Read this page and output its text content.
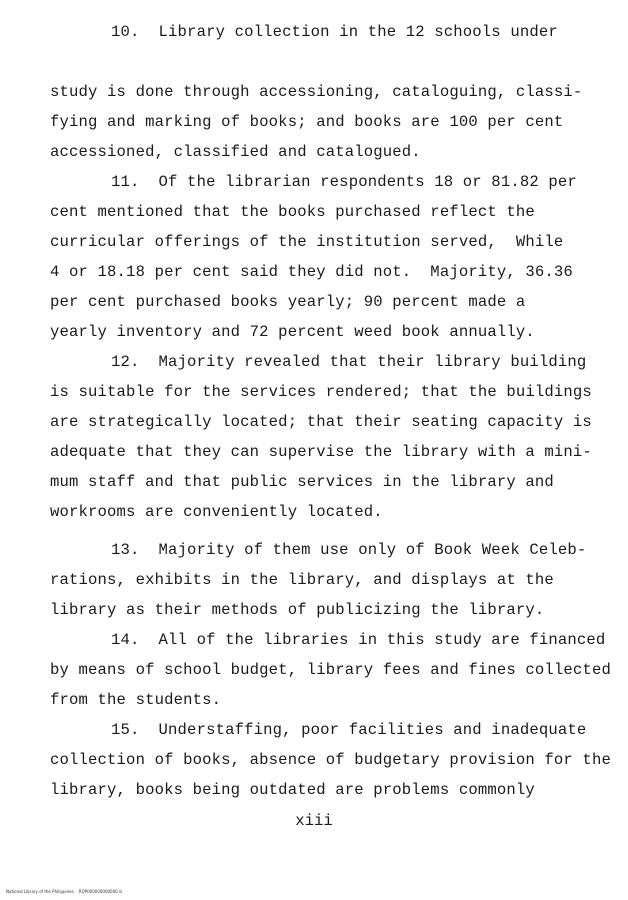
10.  Library collection in the 12 schools under
study is done through accessioning, cataloguing, classi-
fying and marking of books; and books are 100 per cent
accessioned, classified and catalogued.
11.  Of the librarian respondents 18 or 81.82 per
cent mentioned that the books purchased reflect the
curricular offerings of the institution served,  While
4 or 18.18 per cent said they did not.  Majority, 36.36
per cent purchased books yearly; 90 percent made a
yearly inventory and 72 percent weed book annually.
12.  Majority revealed that their library building
is suitable for the services rendered; that the buildings
are strategically located; that their seating capacity is
adequate that they can supervise the library with a mini-
mum staff and that public services in the library and
workrooms are conveniently located.
13.  Majority of them use only of Book Week Celeb-
rations, exhibits in the library, and displays at the
library as their methods of publicizing the library.
14.  All of the libraries in this study are financed
by means of school budget, library fees and fines collected
from the students.
15.  Understaffing, poor facilities and inadequate
collection of books, absence of budgetary provision for the
library, books being outdated are problems commonly
xiii
National Library of the Philippines    ROP000000000000 iii
